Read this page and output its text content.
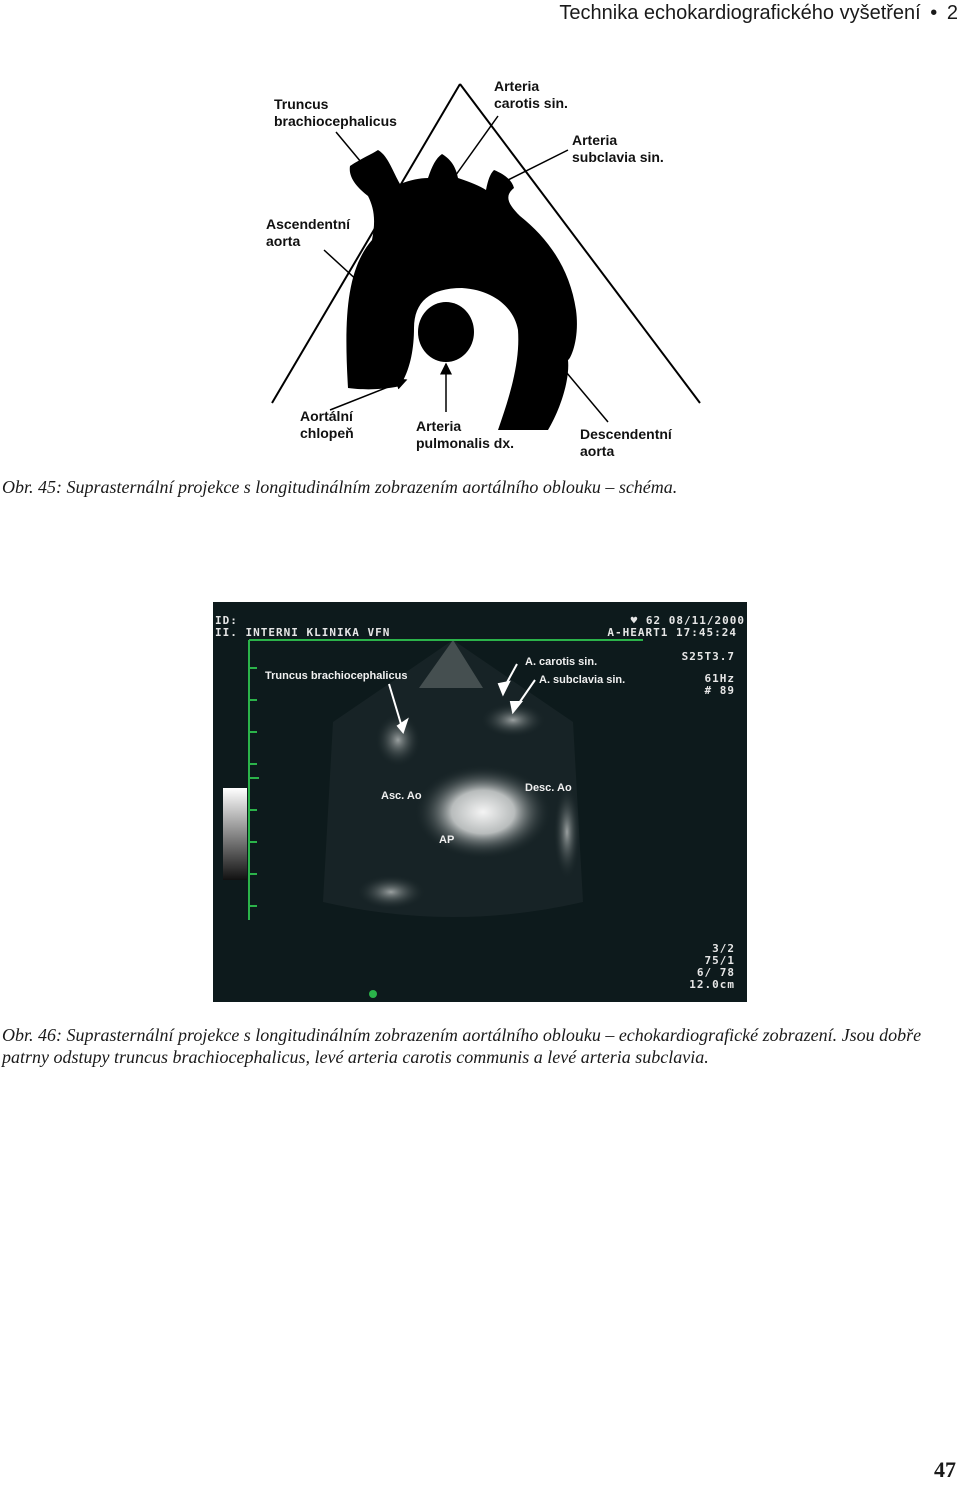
Technika echokardiografického vyšetření • 2
Truncus
brachiocephalicus
Arteria
carotis sin.
Arteria
subclavia sin.
Ascendentní
aorta
Aortální
chlopeň	Arteria
pulmonalis dx.
Descendentní
aorta
Obr. 45: Suprasternální projekce s longitudinálním zobrazením aortálního oblouku – schéma.
ID:
II. INTERNI KLINIKA VFN
♥ 62 08/11/2000
A-HEART1 17:45:24
S25T3.7
61Hz
# 89
3/2
75/1
6/ 78
12.0cm
Truncus brachiocephalicus
A. carotis sin.
A. subclavia sin.
Asc. Ao
Desc. Ao
AP
Obr. 46: Suprasternální projekce s longitudinálním zobrazením aortálního oblouku – echokardiografické zobrazení. Jsou dobře patrny odstupy truncus brachiocephalicus, levé arteria carotis communis a levé arteria subclavia.
47
